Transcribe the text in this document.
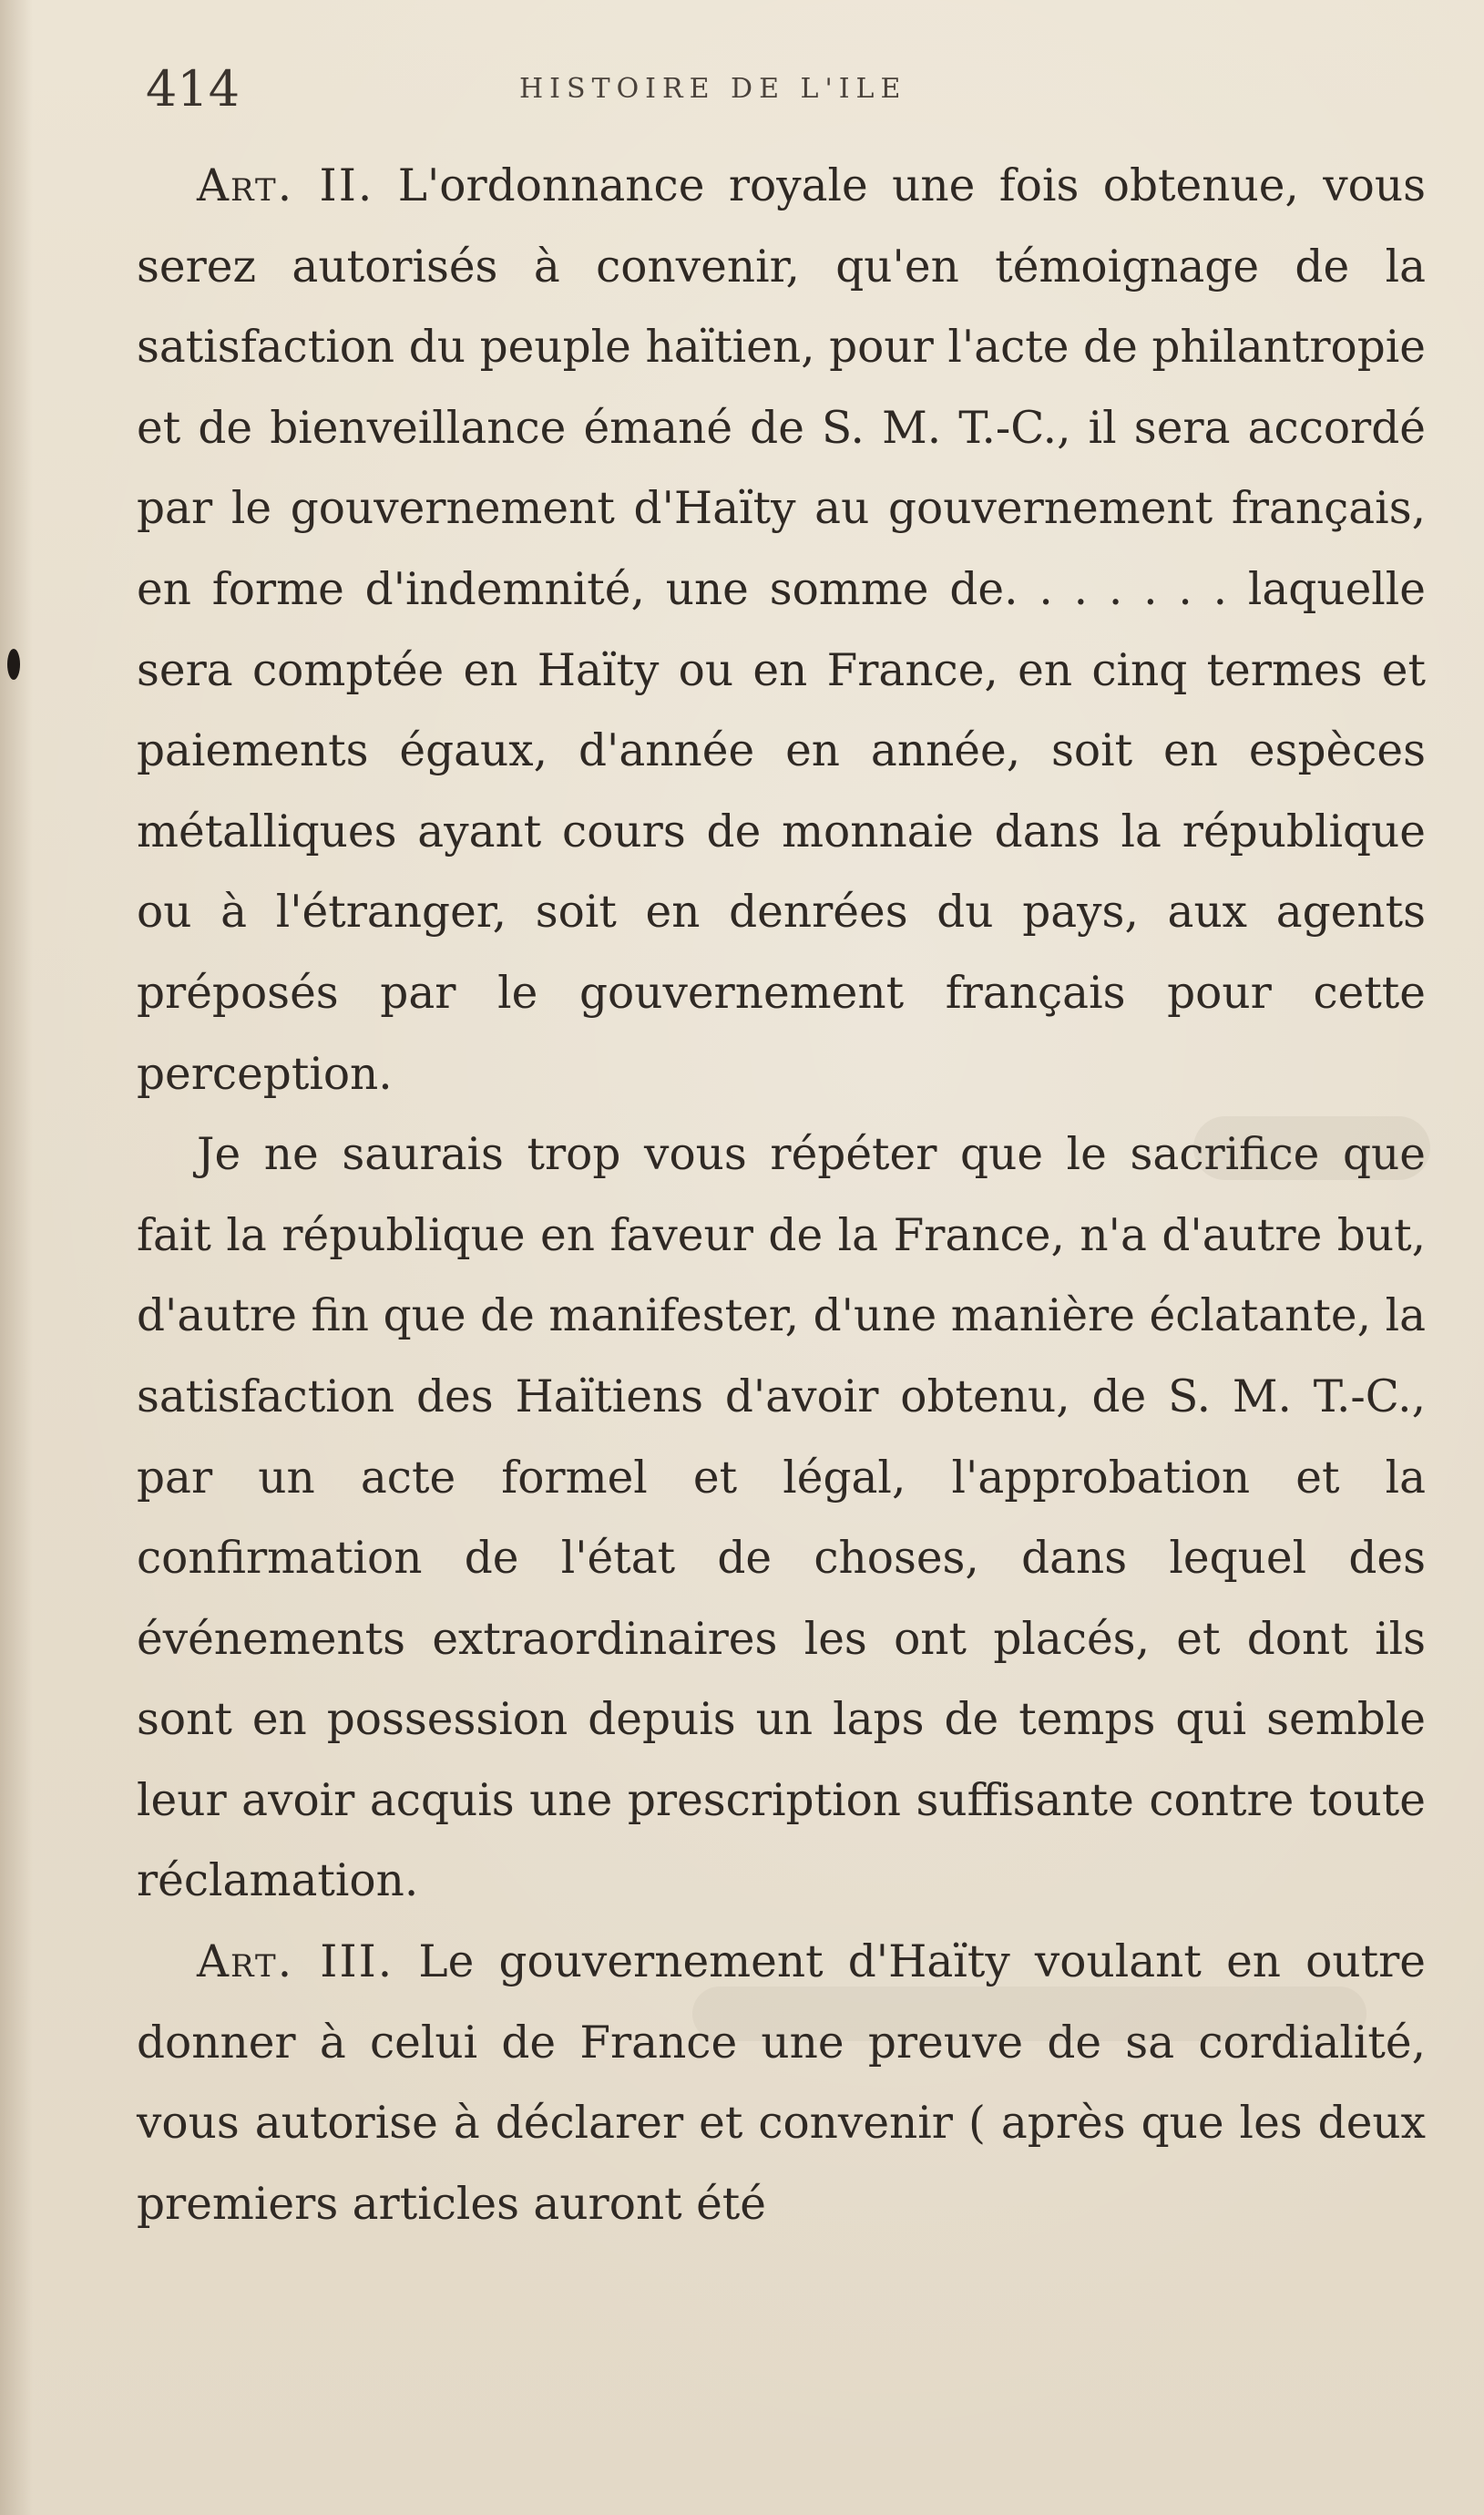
414	HISTOIRE DE L'ILE

Art. II. L'ordonnance royale une fois obtenue, vous serez autorisés à convenir, qu'en témoignage de la satisfaction du peuple haïtien, pour l'acte de philantropie et de bienveillance émané de S. M. T.-C., il sera accordé par le gouvernement d'Haïty au gouvernement français, en forme d'indemnité, une somme de. . . . . . . laquelle sera comptée en Haïty ou en France, en cinq termes et paiements égaux, d'année en année, soit en espèces métalliques ayant cours de monnaie dans la république ou à l'étranger, soit en denrées du pays, aux agents préposés par le gouvernement français pour cette perception.

Je ne saurais trop vous répéter que le sacrifice que fait la république en faveur de la France, n'a d'autre but, d'autre fin que de manifester, d'une manière éclatante, la satisfaction des Haïtiens d'avoir obtenu, de S. M. T.-C., par un acte formel et légal, l'approbation et la confirmation de l'état de choses, dans lequel des événements extraordinaires les ont placés, et dont ils sont en possession depuis un laps de temps qui semble leur avoir acquis une prescription suffisante contre toute réclamation.

Art. III. Le gouvernement d'Haïty voulant en outre donner à celui de France une preuve de sa cordialité, vous autorise à déclarer et convenir ( après que les deux premiers articles auront été
